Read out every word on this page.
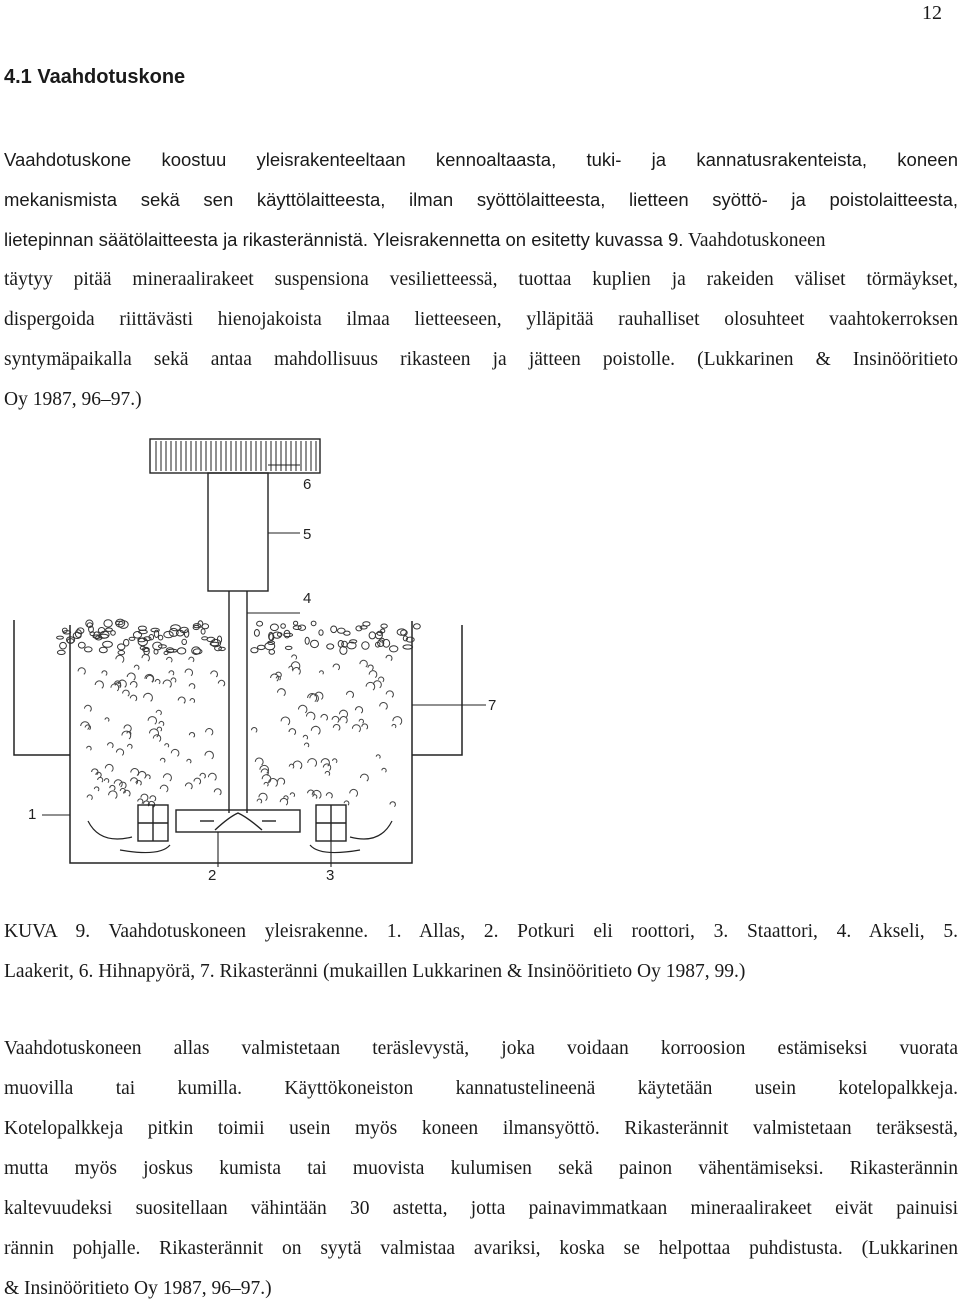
12
4.1 Vaahdotuskone
Vaahdotuskone koostuu yleisrakenteeltaan kennoaltaasta, tuki- ja kannatusrakenteista, koneen
mekanismista sekä sen käyttölaitteesta, ilman syöttölaitteesta, lietteen syöttö- ja poistolaitteesta,
lietepinnan säätölaitteesta ja rikasterännistä. Yleisrakennetta on esitetty kuvassa 9. Vaahdotuskoneen
täytyy pitää mineraalirakeet suspensiona vesilietteessä, tuottaa kuplien ja rakeiden väliset törmäykset,
dispergoida riittävästi hienojakoista ilmaa lietteeseen, ylläpitää rauhalliset olosuhteet vaahtokerroksen
syntymäpaikalla sekä antaa mahdollisuus rikasteen ja jätteen poistolle. (Lukkarinen & Insinööritieto
Oy 1987, 96–97.)
6
5
4
7
1
2	3
KUVA 9. Vaahdotuskoneen yleisrakenne. 1. Allas, 2. Potkuri eli roottori, 3. Staattori, 4. Akseli, 5.
Laakerit, 6. Hihnapyörä, 7. Rikasteränni (mukaillen Lukkarinen & Insinööritieto Oy 1987, 99.)
Vaahdotuskoneen allas valmistetaan teräslevystä, joka voidaan korroosion estämiseksi vuorata
muovilla tai kumilla. Käyttökoneiston kannatustelineenä käytetään usein kotelopalkkeja.
Kotelopalkkeja pitkin toimii usein myös koneen ilmansyöttö. Rikasterännit valmistetaan teräksestä,
mutta myös joskus kumista tai muovista kulumisen sekä painon vähentämiseksi. Rikasterännin
kaltevuudeksi suositellaan vähintään 30 astetta, jotta painavimmatkaan mineraalirakeet eivät painuisi
rännin pohjalle. Rikasterännit on syytä valmistaa avariksi, koska se helpottaa puhdistusta. (Lukkarinen
& Insinööritieto Oy 1987, 96–97.)
